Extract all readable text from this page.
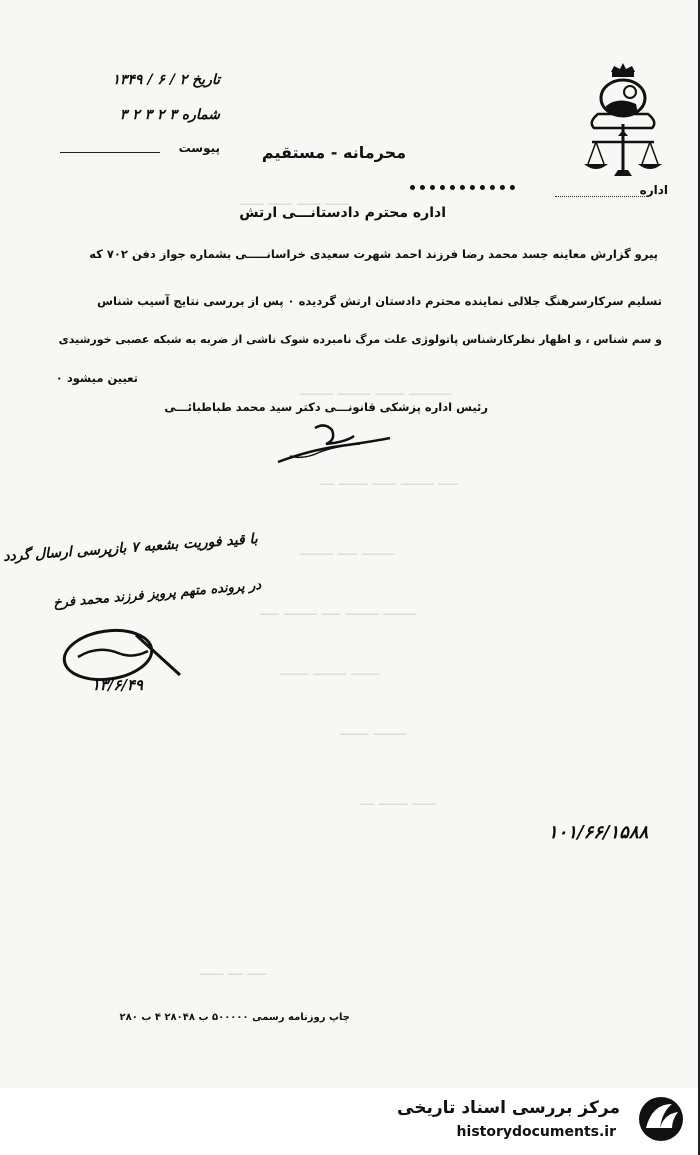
ـــــ ـــــ ـــــ ـــــ
ـــــــــ ــــــ ـــــــ ـــــــ
ــــ ـــــــ ـــــ ــــــ ـــ
ـــــــ ــــ ـــــــ
ـــــــ ـــــــ ــــ ـــــــ ــــ
ــــــ ـــــــ ــــــ
ـــــــ ــــــ
ـــــ ــــــ ـــ
ــــ ـــ ـــــ
تاریخ ۲ / ۶ / ۱۳۴۹
شماره ۳ ۲ ۳ ۲ ۳
پیوست	محرمانه - مستقیم
اداره
اداره محترم دادستانـــی ارتش
پیرو گزارش معاینه جسد محمد رضا فرزند احمد شهرت سعیدی خراسانـــــی بشماره جواز دفن ۷۰۲ که
تسلیم سرکارسرهنگ جلالی نماینده محترم دادستان ارتش گردیده ۰ پس از بررسی نتایج آسیب شناس
و سم شناس ، و اظهار نظرکارشناس پاتولوژی علت مرگ نامبرده شوک ناشی از ضربه به شبکه عصبی خورشیدی
تعیین میشود ۰
رئیس اداره پزشکی قانونـــی دکتر سید محمد طباطبائـــی
با قید فوریت بشعبه ۷ بازپرسی ارسال گردد
در پرونده متهم پرویز فرزند محمد فرخ
۱۳/۶/۴۹
۱۰۱/۶۶/۱۵۸۸
چاپ روزنامه رسمی ۵۰۰۰۰۰ ب ۲۸۰۴۸ ۴ ب ۲۸۰
مرکز بررسی اسناد تاریخی
historydocuments.ir
